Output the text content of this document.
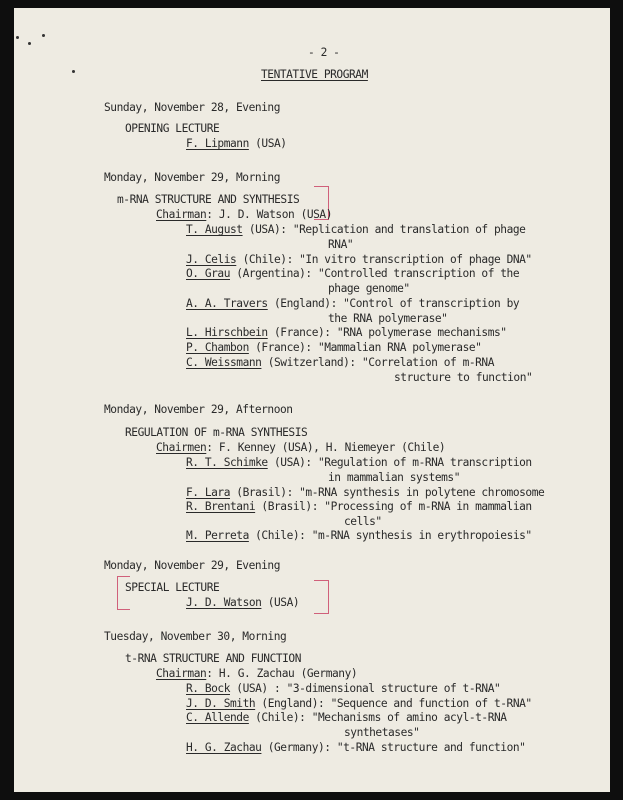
- 2 -
TENTATIVE PROGRAM
Sunday, November 28, Evening
OPENING LECTURE
F. Lipmann (USA)
Monday, November 29, Morning
m-RNA STRUCTURE AND SYNTHESIS
Chairman: J. D. Watson (USA)
T. August (USA): "Replication and translation of phage
RNA"
J. Celis (Chile): "In vitro transcription of phage DNA"
O. Grau (Argentina): "Controlled transcription of the
phage genome"
A. A. Travers (England): "Control of transcription by
the RNA polymerase"
L. Hirschbein (France): "RNA polymerase mechanisms"
P. Chambon (France): "Mammalian RNA polymerase"
C. Weissmann (Switzerland): "Correlation of m-RNA
structure to function"
Monday, November 29, Afternoon
REGULATION OF m-RNA SYNTHESIS
Chairmen: F. Kenney (USA), H. Niemeyer (Chile)
R. T. Schimke (USA): "Regulation of m-RNA transcription
in mammalian systems"
F. Lara (Brasil): "m-RNA synthesis in polytene chromosome
R. Brentani (Brasil): "Processing of m-RNA in mammalian
cells"
M. Perreta (Chile): "m-RNA synthesis in erythropoiesis"
Monday, November 29, Evening
SPECIAL LECTURE
J. D. Watson (USA)
Tuesday, November 30, Morning
t-RNA STRUCTURE AND FUNCTION
Chairman: H. G. Zachau (Germany)
R. Bock (USA) : "3-dimensional structure of t-RNA"
J. D. Smith (England): "Sequence and function of t-RNA"
C. Allende (Chile): "Mechanisms of amino acyl-t-RNA
synthetases"
H. G. Zachau (Germany): "t-RNA structure and function"
